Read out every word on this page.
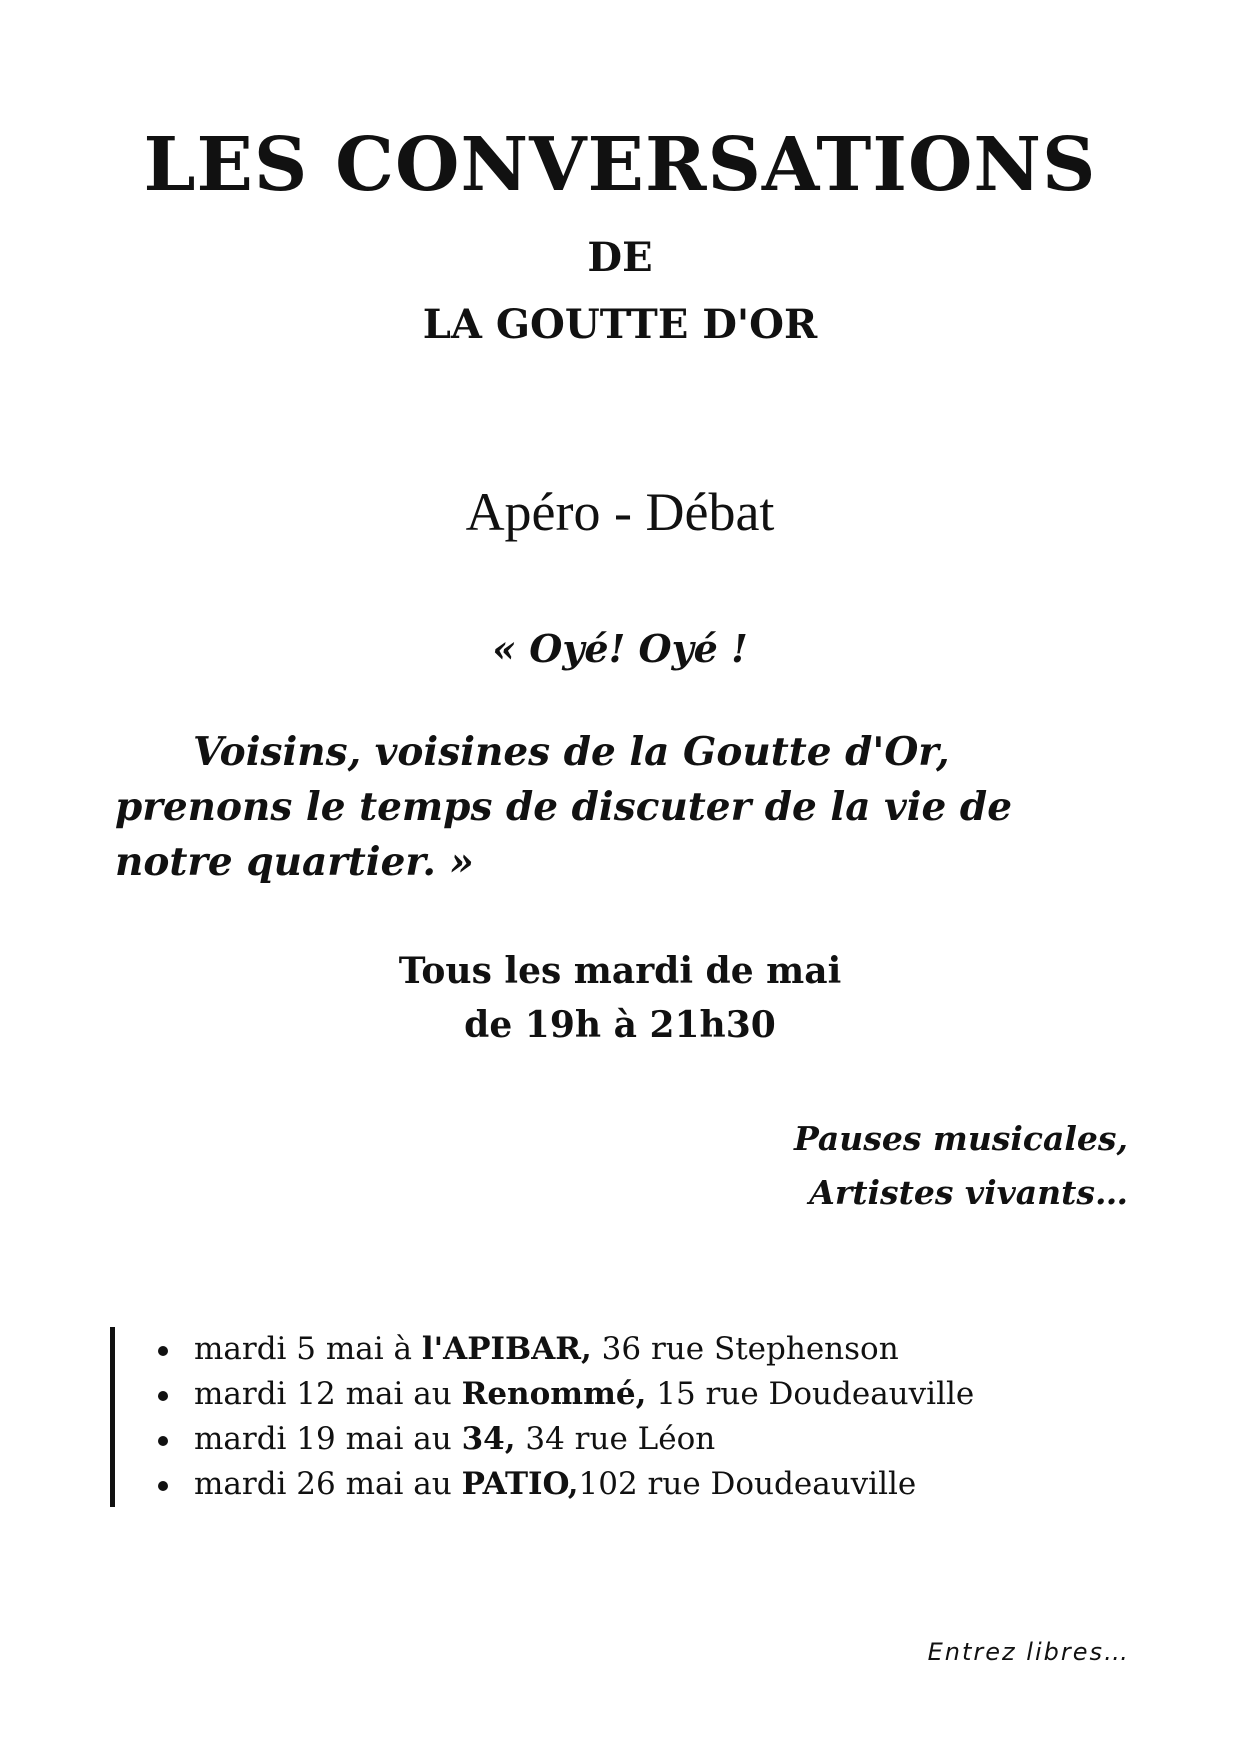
LES CONVERSATIONS
DE
LA GOUTTE D'OR
Apéro - Débat
« Oyé! Oyé !
Voisins, voisines de la Goutte d'Or,
prenons le temps de discuter de la vie de
notre quartier. »
Tous les mardi de mai
de 19h à 21h30
Pauses musicales,
Artistes vivants…
mardi 5 mai à l'APIBAR, 36 rue Stephenson
mardi 12 mai au Renommé, 15 rue Doudeauville
mardi 19 mai au 34, 34 rue Léon
mardi 26 mai au PATIO,102 rue Doudeauville
Entrez libres…
